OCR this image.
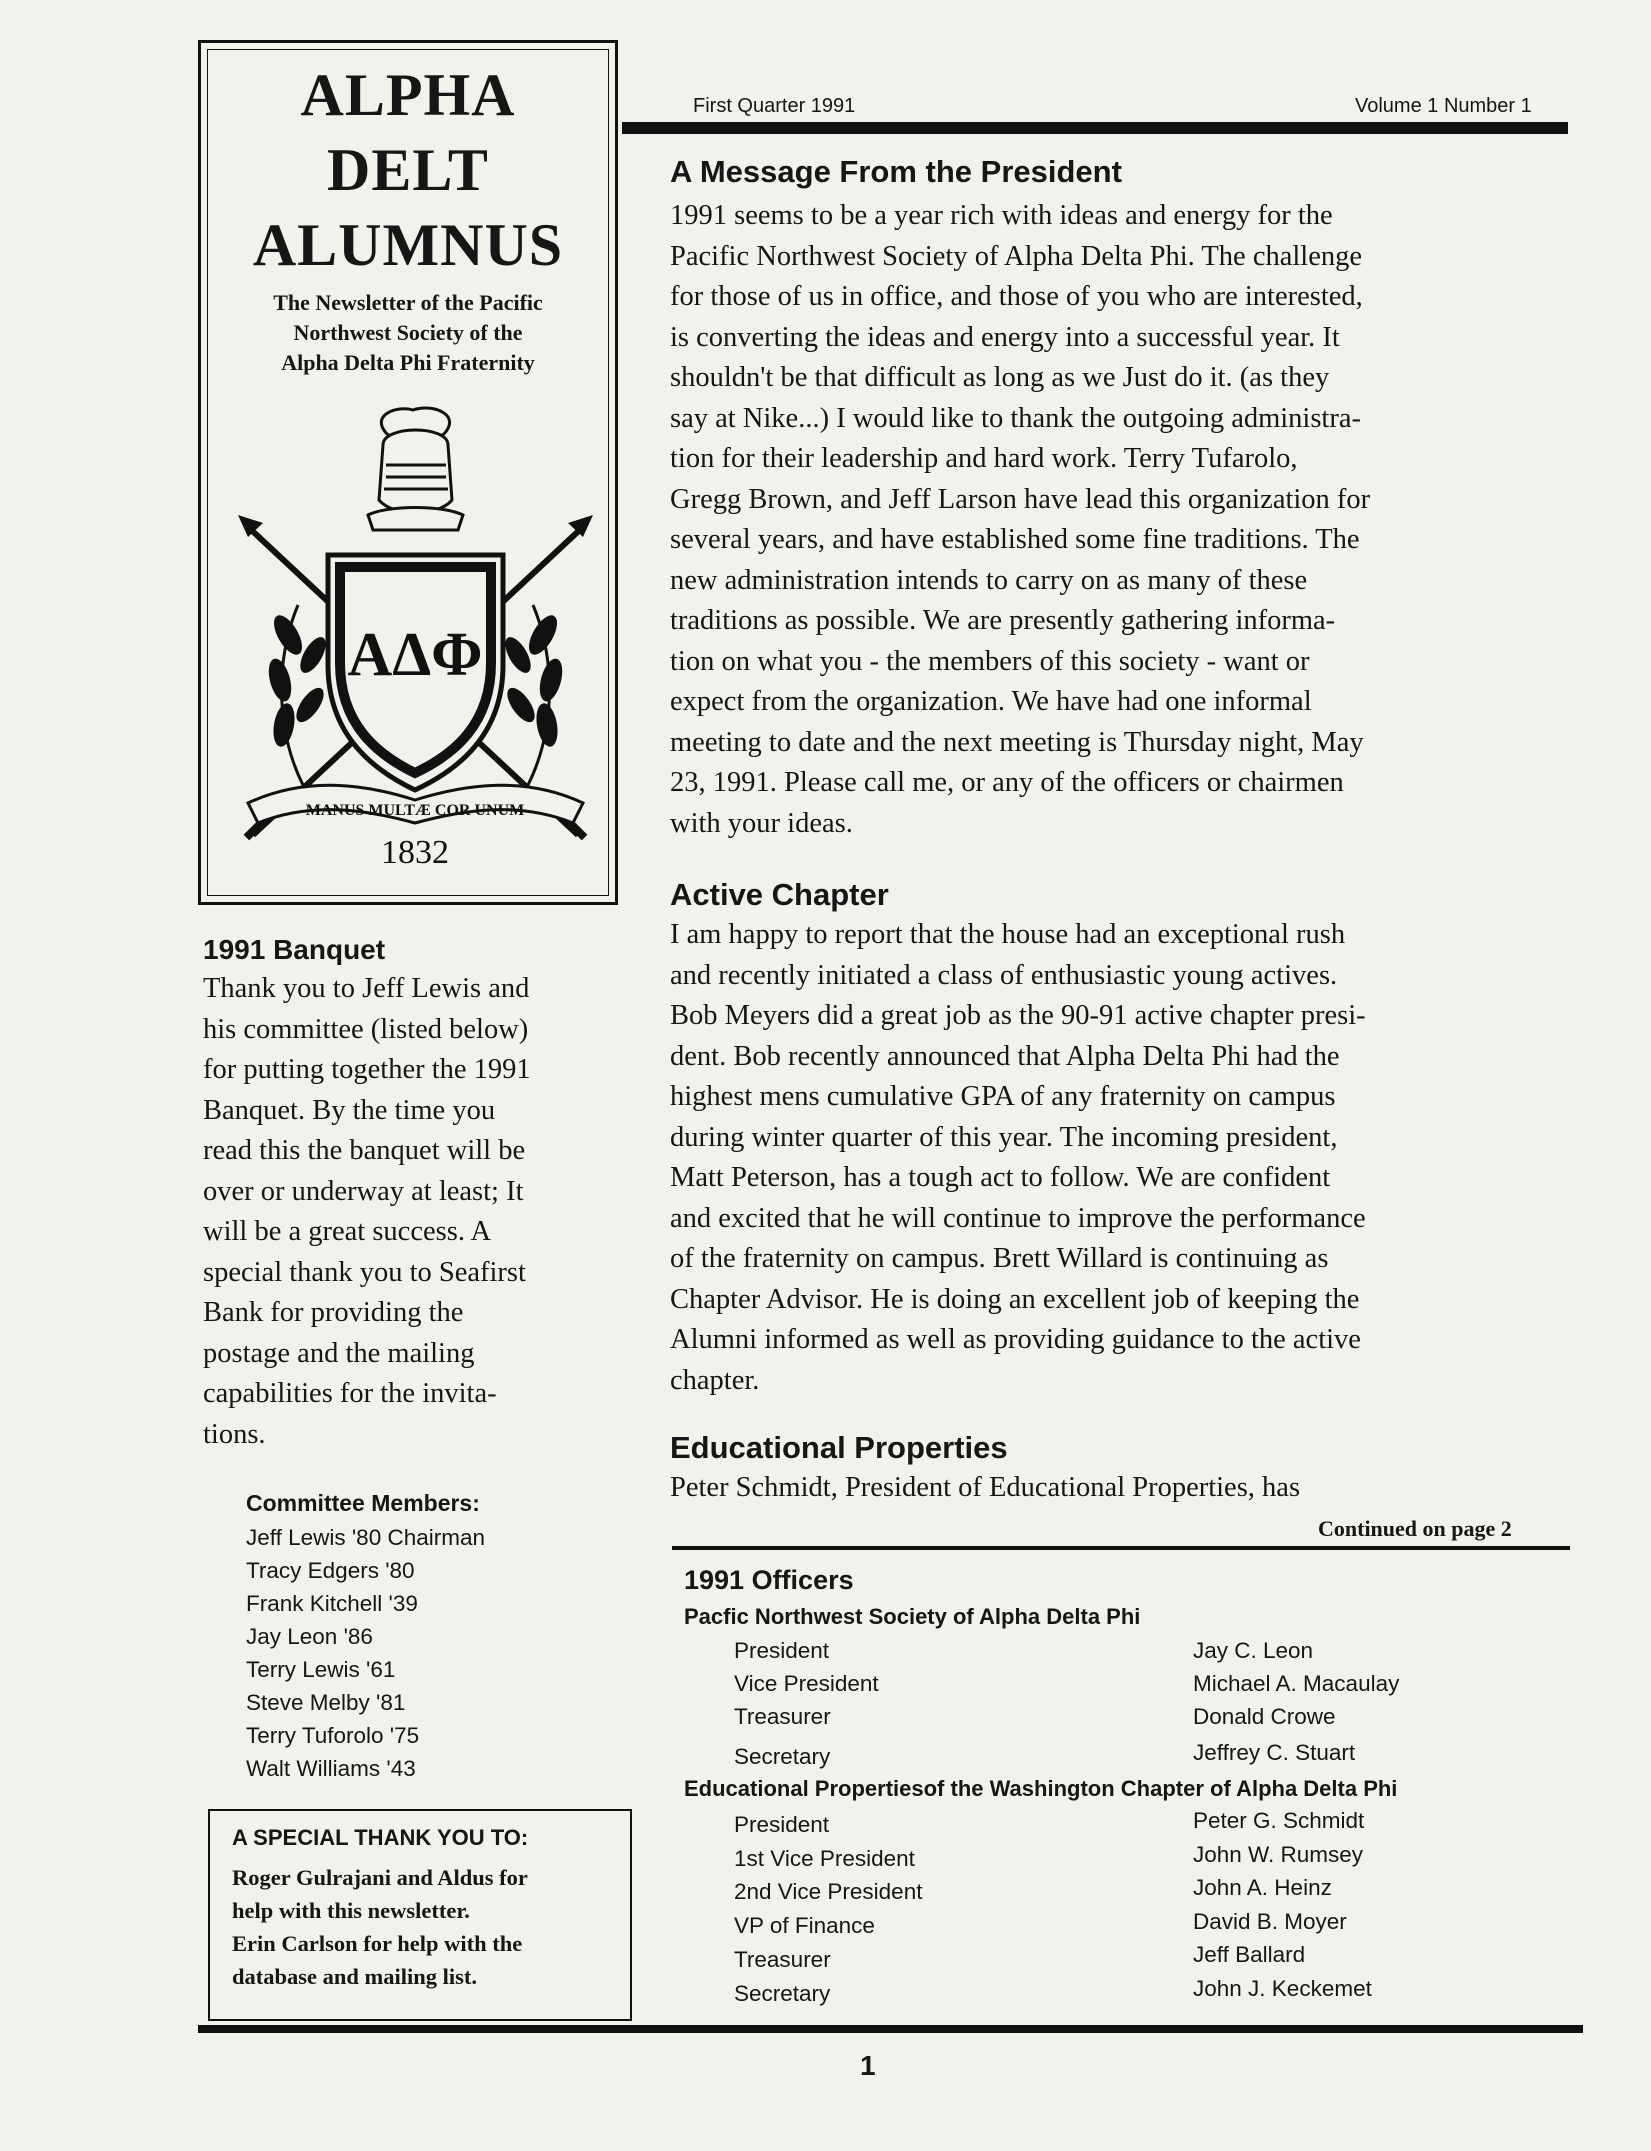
ALPHA
DELT
ALUMNUS
The Newsletter of the Pacific
Northwest Society of the
Alpha Delta Phi Fraternity
ΑΔΦ
MANUS MULTÆ COR UNUM
1832
First Quarter 1991	Volume 1 Number 1
A Message From the President

1991 seems to be a year rich with ideas and energy for the

Pacific Northwest Society of Alpha Delta Phi. The challenge

for those of us in office, and those of you who are interested,

is converting the ideas and energy into a successful year. It

shouldn't be that difficult as long as we Just do it. (as they

say at Nike...) I would like to thank the outgoing administra-

tion for their leadership and hard work. Terry Tufarolo,

Gregg Brown, and Jeff Larson have lead this organization for

several years, and have established some fine traditions. The

new administration intends to carry on as many of these

traditions as possible. We are presently gathering informa-

tion on what you - the members of this society - want or

expect from the organization. We have had one informal

meeting to date and the next meeting is Thursday night, May

23, 1991. Please call me, or any of the officers or chairmen

with your ideas.

Active Chapter

I am happy to report that the house had an exceptional rush

and recently initiated a class of enthusiastic young actives.

Bob Meyers did a great job as the 90-91 active chapter presi-

dent. Bob recently announced that Alpha Delta Phi had the

highest mens cumulative GPA of any fraternity on campus

during winter quarter of this year. The incoming president,

Matt Peterson, has a tough act to follow. We are confident

and excited that he will continue to improve the performance

of the fraternity on campus. Brett Willard is continuing as

Chapter Advisor. He is doing an excellent job of keeping the

Alumni informed as well as providing guidance to the active

chapter.

Educational Properties

Peter Schmidt, President of Educational Properties, has

Continued on page 2
1991 Banquet

Thank you to Jeff Lewis and

his committee (listed below)

for putting together the 1991

Banquet. By the time you

read this the banquet will be

over or underway at least; It

will be a great success. A

special thank you to Seafirst

Bank for providing the

postage and the mailing

capabilities for the invita-

tions.

Committee Members:
Jeff Lewis '80 Chairman
Tracy Edgers '80
Frank Kitchell '39
Jay Leon '86
Terry Lewis '61
Steve Melby '81
Terry Tuforolo '75
Walt Williams '43
A SPECIAL THANK YOU TO:

Roger Gulrajani and Aldus for

help with this newsletter.

Erin Carlson for help with the

database and mailing list.

1991 Officers
Pacfic Northwest Society of Alpha Delta Phi
President	Jay C. Leon
Vice President	Michael A. Macaulay
Treasurer	Donald Crowe
Secretary	Jeffrey C. Stuart
Educational Propertiesof the Washington Chapter of Alpha Delta Phi
President	Peter G. Schmidt
1st Vice President	John W. Rumsey
2nd Vice President	John A. Heinz
VP of Finance	David B. Moyer
Treasurer	Jeff Ballard
Secretary	John J. Keckemet
1
